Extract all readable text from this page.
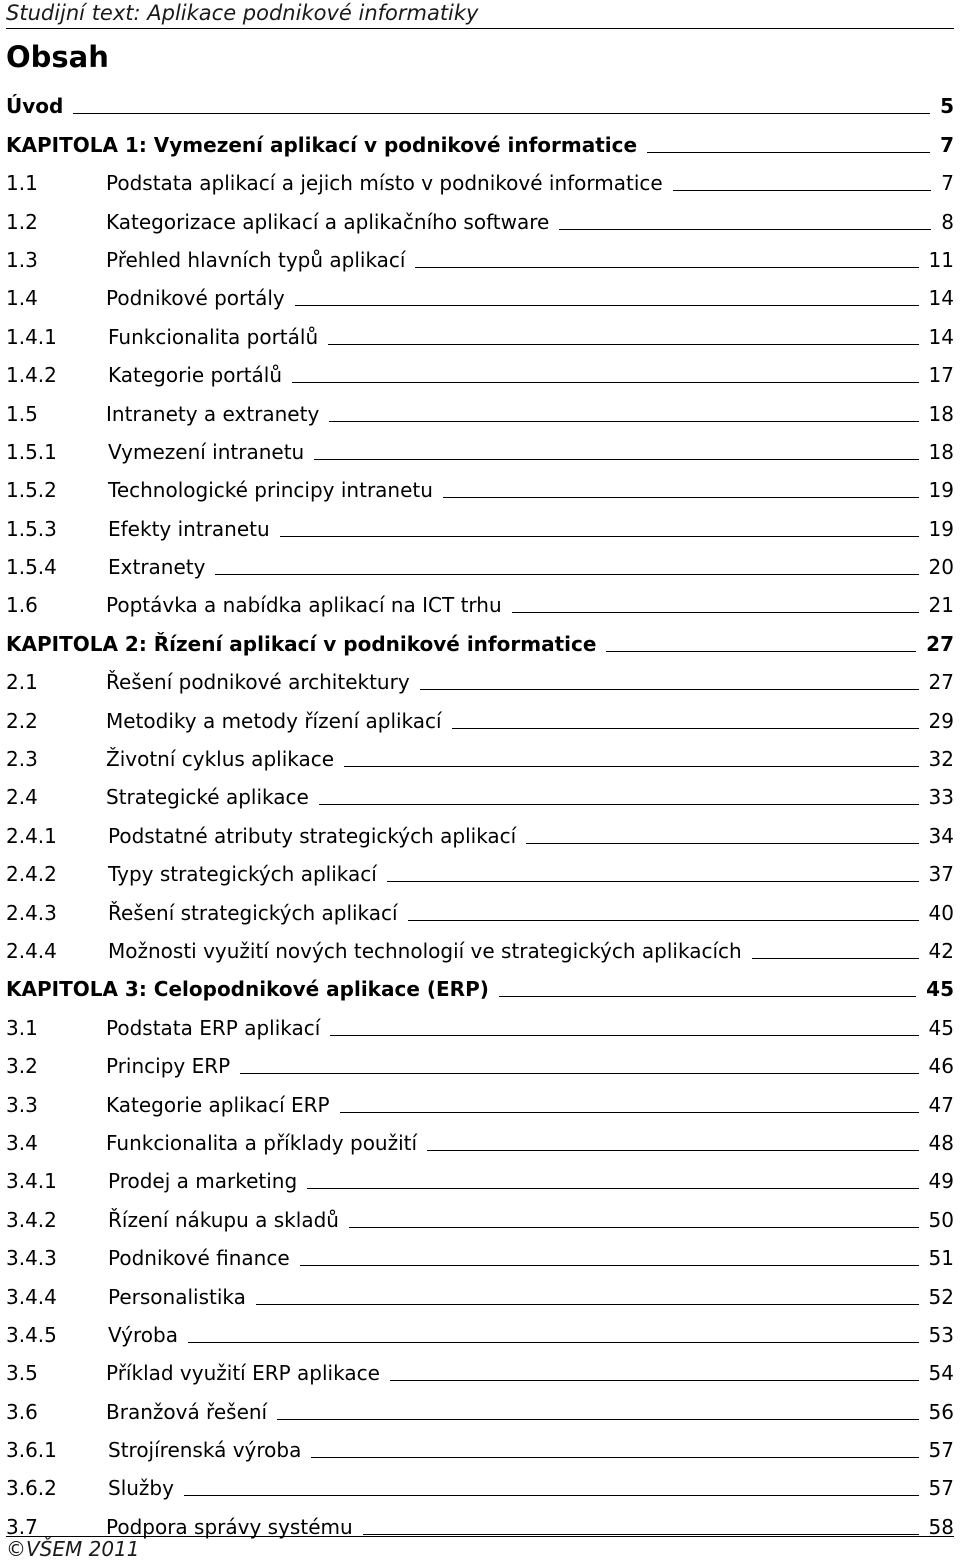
Studijní text: Aplikace podnikové informatiky
Obsah
Úvod	5
KAPITOLA 1: Vymezení aplikací v podnikové informatice	7
1.1	Podstata aplikací a jejich místo v podnikové informatice	7
1.2	Kategorizace aplikací a aplikačního software	8
1.3	Přehled hlavních typů aplikací	11
1.4	Podnikové portály	14
1.4.1	Funkcionalita portálů	14
1.4.2	Kategorie portálů	17
1.5	Intranety a extranety	18
1.5.1	Vymezení intranetu	18
1.5.2	Technologické principy intranetu	19
1.5.3	Efekty intranetu	19
1.5.4	Extranety	20
1.6	Poptávka a nabídka aplikací na ICT trhu	21
KAPITOLA 2: Řízení aplikací v podnikové informatice	27
2.1	Řešení podnikové architektury	27
2.2	Metodiky a metody řízení aplikací	29
2.3	Životní cyklus aplikace	32
2.4	Strategické aplikace	33
2.4.1	Podstatné atributy strategických aplikací	34
2.4.2	Typy strategických aplikací	37
2.4.3	Řešení strategických aplikací	40
2.4.4	Možnosti využití nových technologií ve strategických aplikacích	42
KAPITOLA 3: Celopodnikové aplikace (ERP)	45
3.1	Podstata ERP aplikací	45
3.2	Principy ERP	46
3.3	Kategorie aplikací ERP	47
3.4	Funkcionalita a příklady použití	48
3.4.1	Prodej a marketing	49
3.4.2	Řízení nákupu a skladů	50
3.4.3	Podnikové finance	51
3.4.4	Personalistika	52
3.4.5	Výroba	53
3.5	Příklad využití ERP aplikace	54
3.6	Branžová řešení	56
3.6.1	Strojírenská výroba	57
3.6.2	Služby	57
3.7	Podpora správy systému	58
©VŠEM 2011
